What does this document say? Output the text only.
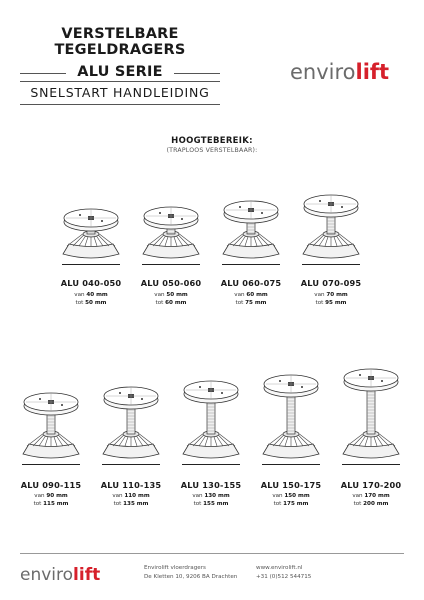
VERSTELBARE
TEGELDRAGERS
ALU SERIE
SNELSTART HANDLEIDING
envirolift
HOOGTEBEREIK:
(TRAPLOOS VERSTELBAAR):
ALU 040-050
van 40 mm
tot 50 mm
ALU 050-060
van 50 mm
tot 60 mm
ALU 060-075
van 60 mm
tot 75 mm
ALU 070-095
van 70 mm
tot 95 mm
ALU 090-115
van 90 mm
tot 115 mm
ALU 110-135
van 110 mm
tot 135 mm
ALU 130-155
van 130 mm
tot 155 mm
ALU 150-175
van 150 mm
tot 175 mm
ALU 170-200
van 170 mm
tot 200 mm
envirolift	Envirolift vloerdragers
De Kletten 10, 9206 BA Drachten
www.envirolift.nl
+31 (0)512 544715
